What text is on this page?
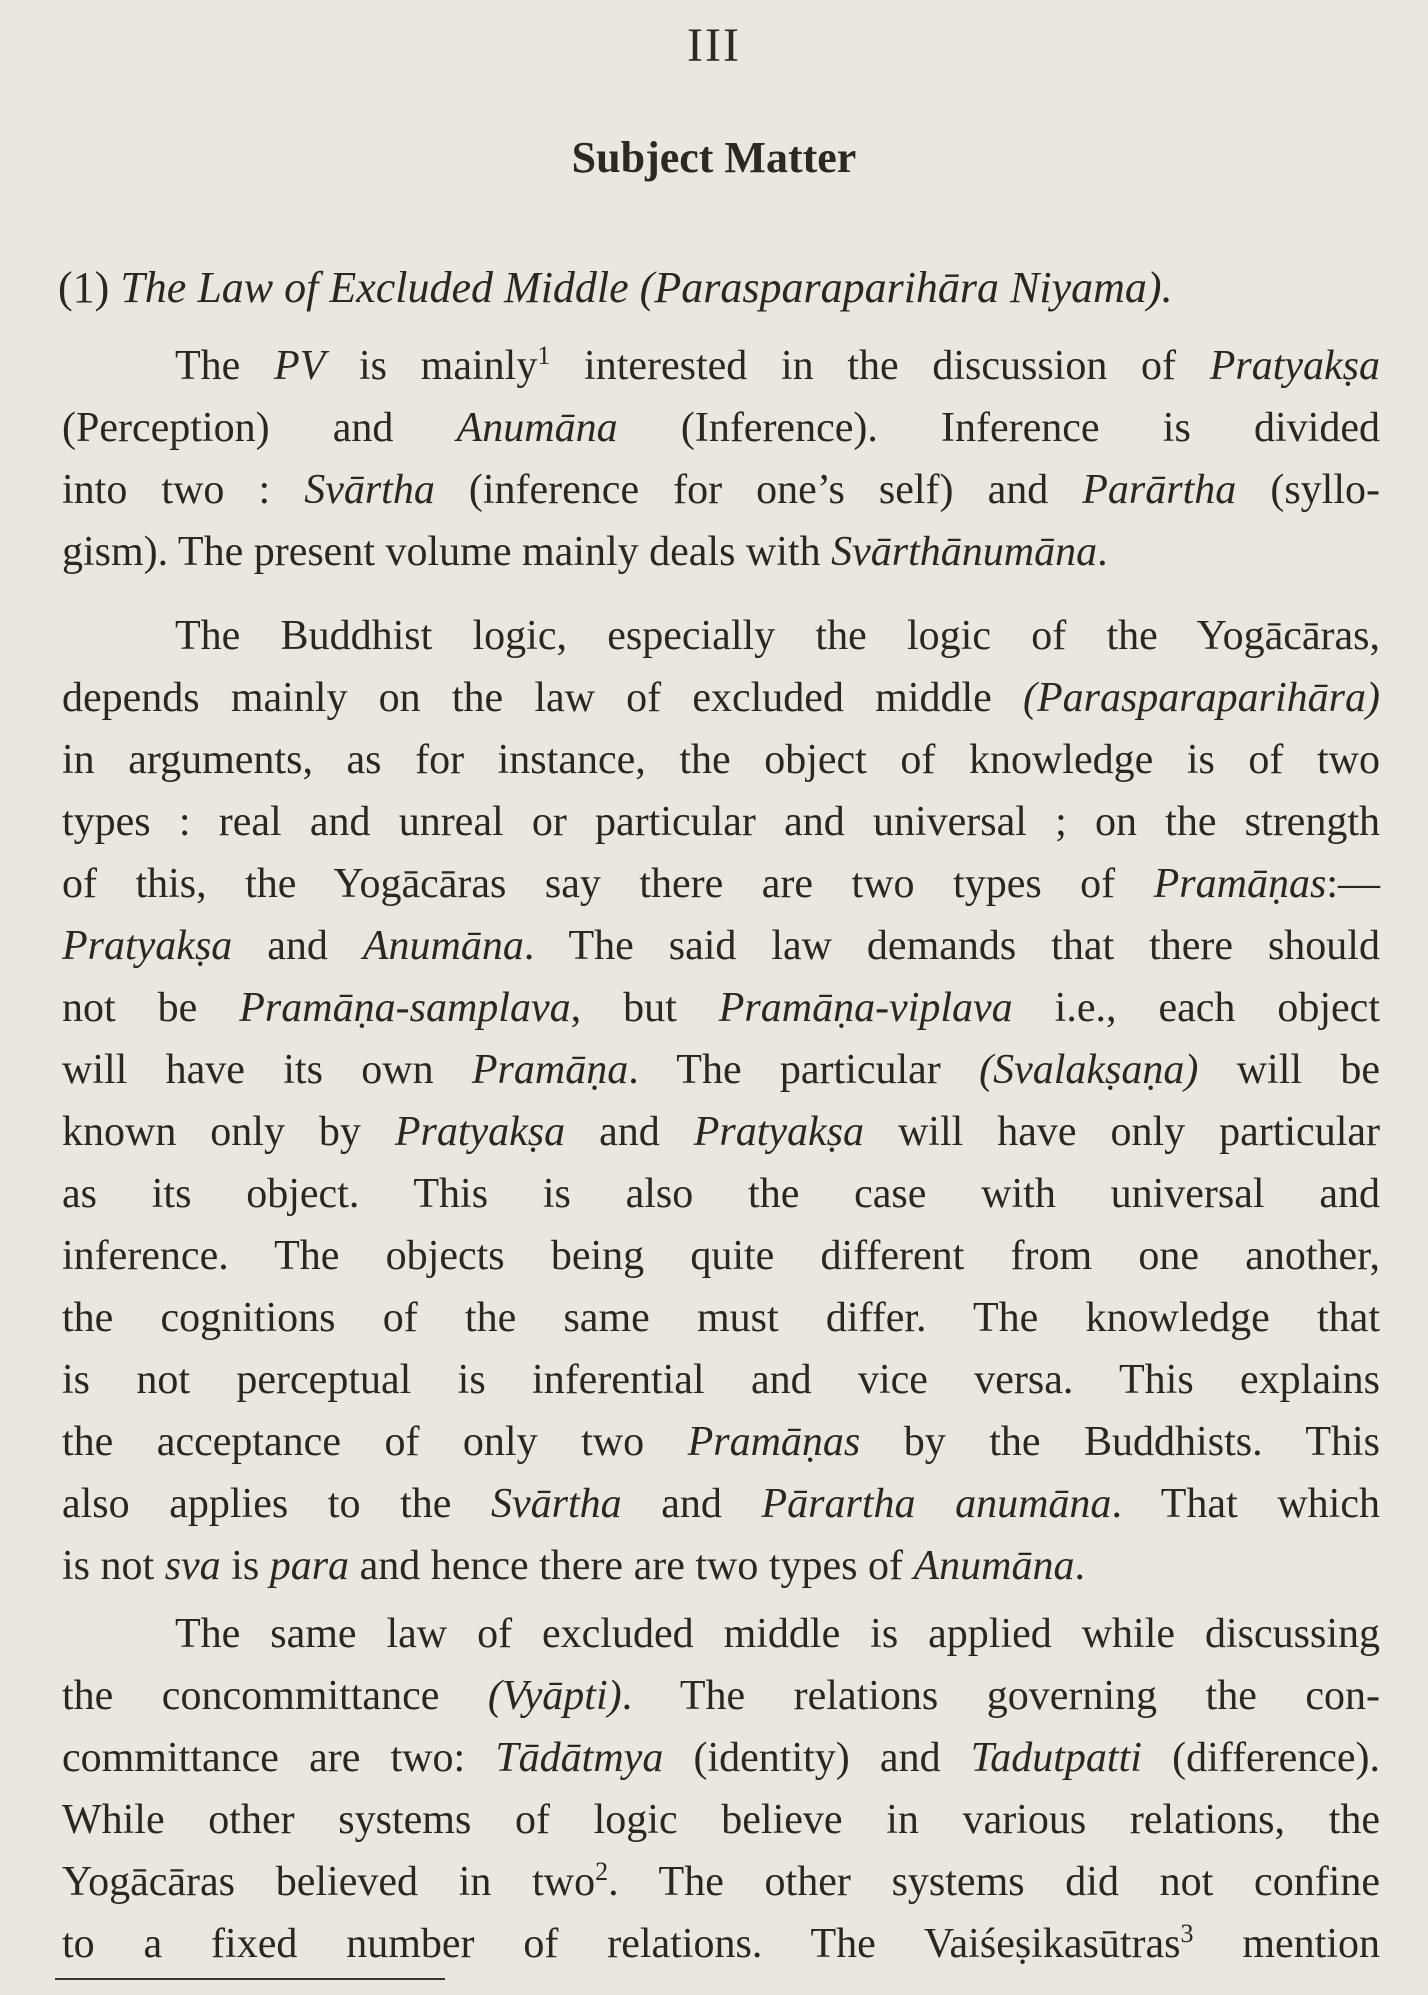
III
Subject Matter
(1) The Law of Excluded Middle (Parasparaparihāra Niyama).
The PV is mainly$^1$ interested in the discussion of Pratyakṣa
(Perception) and Anumāna (Inference). Inference is divided
into two : Svārtha (inference for one’s self) and Parārtha (syllo-
gism). The present volume mainly deals with Svārthānumāna.
The Buddhist logic, especially the logic of the Yogācāras,
depends mainly on the law of excluded middle (Parasparaparihāra)
in arguments, as for instance, the object of knowledge is of two
types : real and unreal or particular and universal ; on the strength
of this, the Yogācāras say there are two types of Pramāṇas:—
Pratyakṣa and Anumāna. The said law demands that there should
not be Pramāṇa-samplava, but Pramāṇa-viplava i.e., each object
will have its own Pramāṇa. The particular (Svalakṣaṇa) will be
known only by Pratyakṣa and Pratyakṣa will have only particular
as its object. This is also the case with universal and
inference. The objects being quite different from one another,
the cognitions of the same must differ. The knowledge that
is not perceptual is inferential and vice versa. This explains
the acceptance of only two Pramāṇas by the Buddhists. This
also applies to the Svārtha and Pārartha anumāna. That which
is not sva is para and hence there are two types of Anumāna.
The same law of excluded middle is applied while discussing
the concommittance (Vyāpti). The relations governing the con-
committance are two: Tādātmya (identity) and Tadutpatti (difference).
While other systems of logic believe in various relations, the
Yogācāras believed in two$^2$. The other systems did not confine
to a fixed number of relations. The Vaiśeṣikasūtras$^3$ mention
